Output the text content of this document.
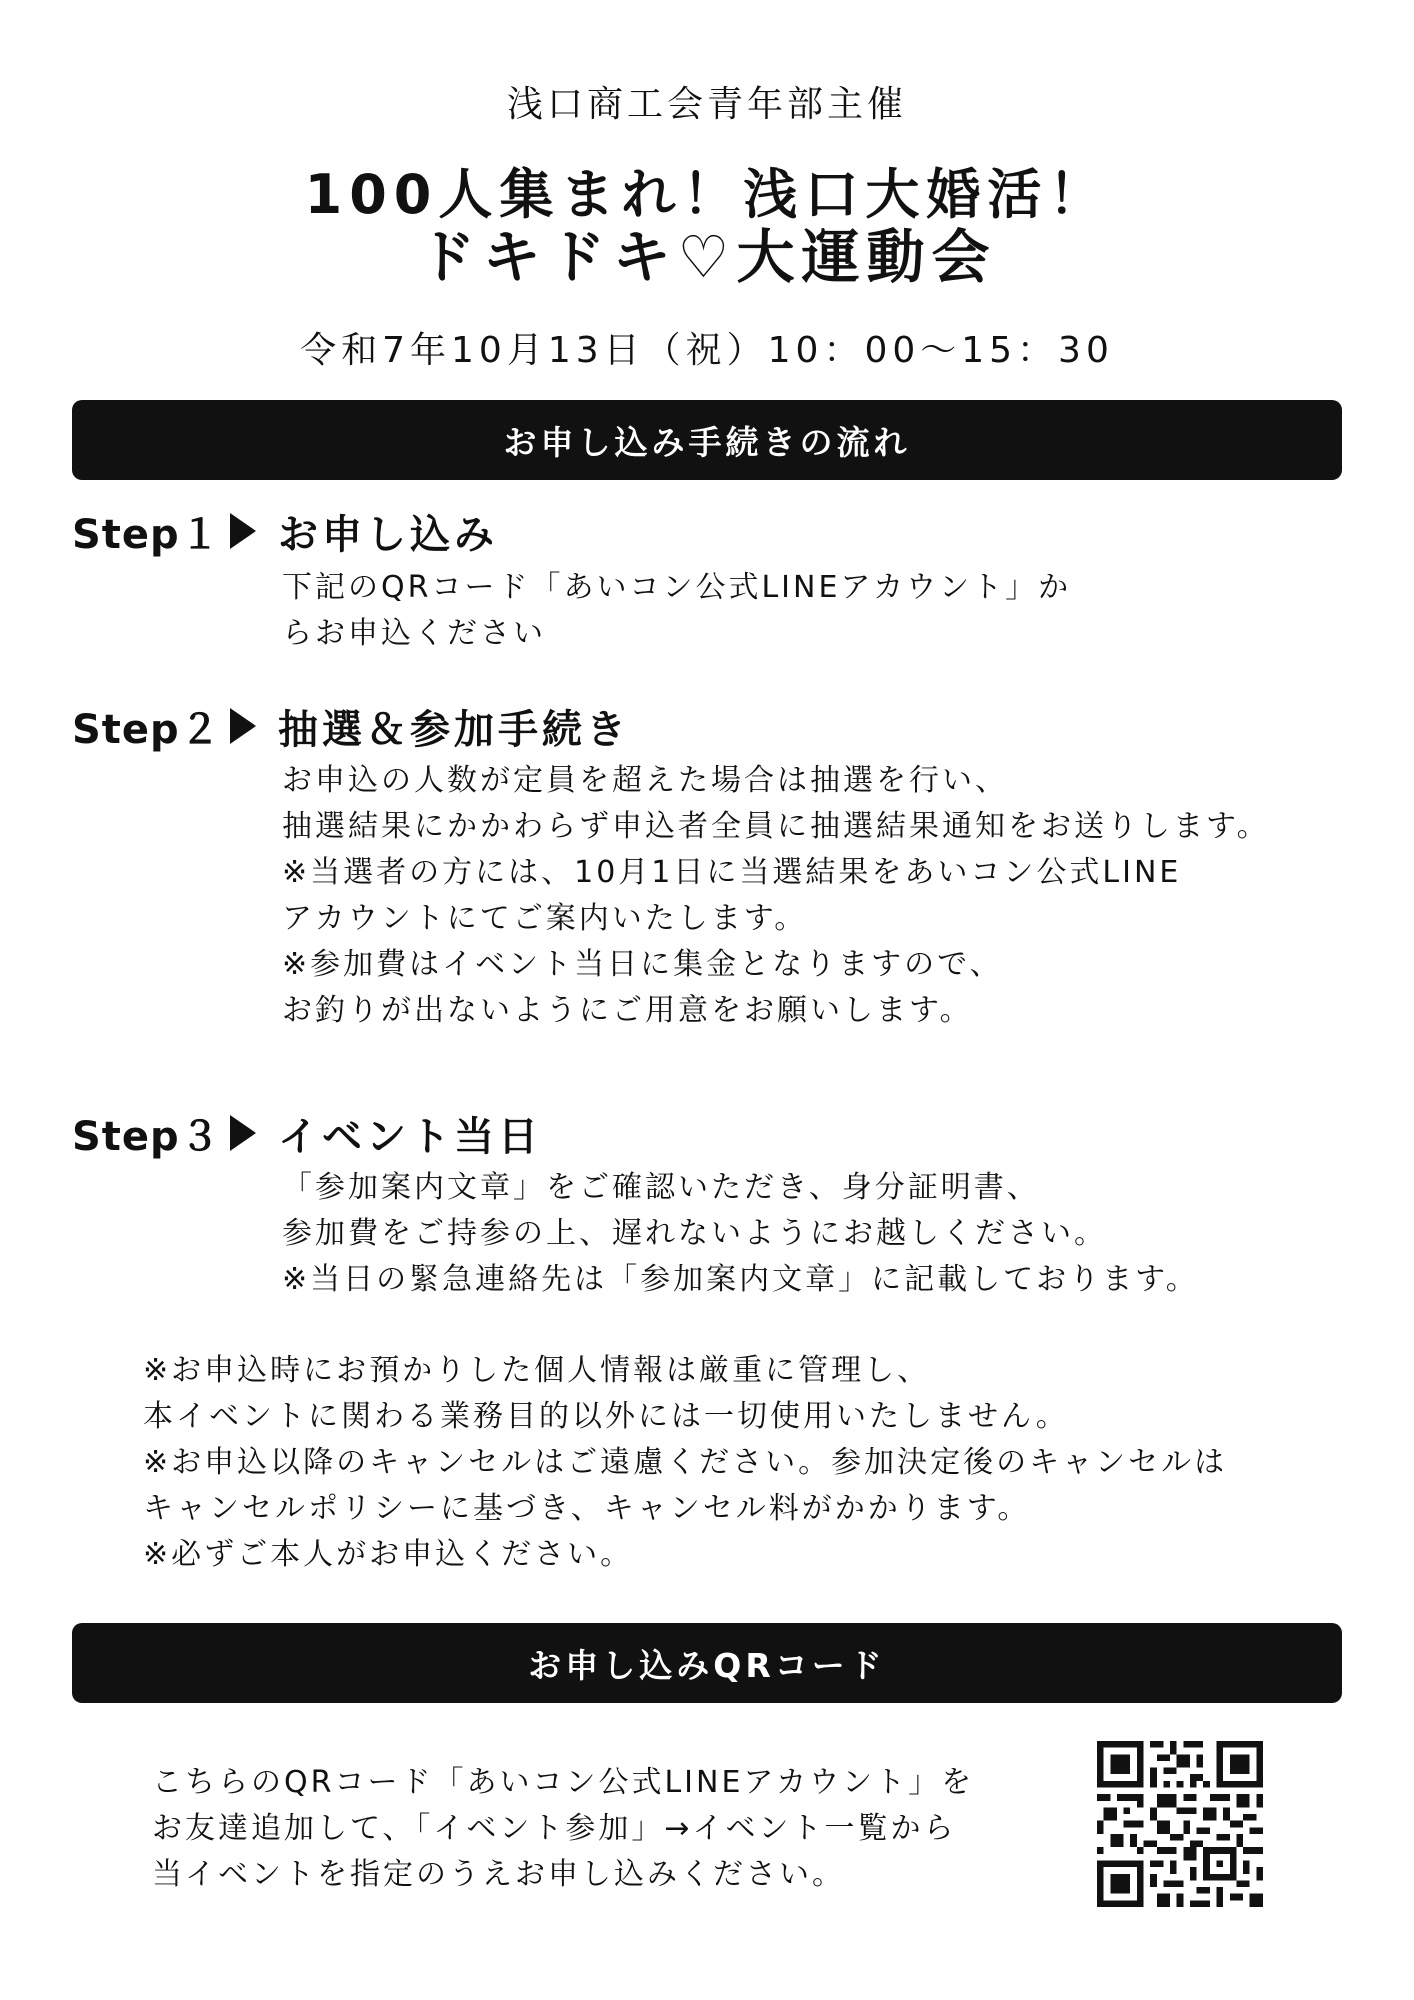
浅口商工会青年部主催
100人集まれ！浅口大婚活！
ドキドキ♡大運動会
令和7年10月13日（祝）10：00〜15：30
お申し込み手続きの流れ
Step１ お申し込み
下記のQRコード「あいコン公式LINEアカウント」か
らお申込ください
Step２ 抽選＆参加手続き
お申込の人数が定員を超えた場合は抽選を行い、
抽選結果にかかわらず申込者全員に抽選結果通知をお送りします。
※当選者の方には、10月1日に当選結果をあいコン公式LINE
アカウントにてご案内いたします。
※参加費はイベント当日に集金となりますので、
お釣りが出ないようにご用意をお願いします。
Step３ イベント当日
「参加案内文章」をご確認いただき、身分証明書、
参加費をご持参の上、遅れないようにお越しください。
※当日の緊急連絡先は「参加案内文章」に記載しております。
※お申込時にお預かりした個人情報は厳重に管理し、
本イベントに関わる業務目的以外には一切使用いたしません。
※お申込以降のキャンセルはご遠慮ください。参加決定後のキャンセルは
キャンセルポリシーに基づき、キャンセル料がかかります。
※必ずご本人がお申込ください。
お申し込みQRコード
こちらのQRコード「あいコン公式LINEアカウント」を
お友達追加して、「イベント参加」→イベント一覧から
当イベントを指定のうえお申し込みください。
